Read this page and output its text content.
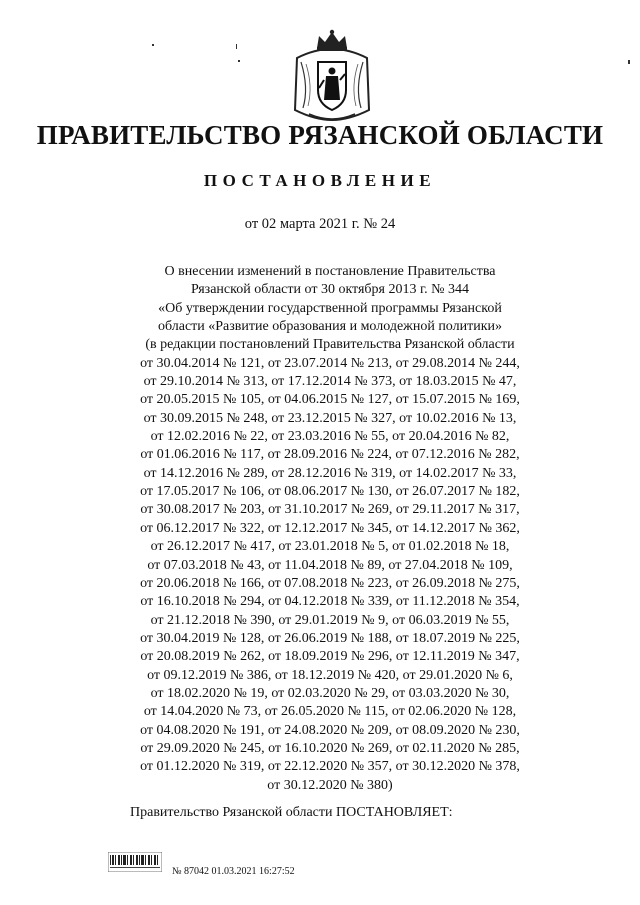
ПРАВИТЕЛЬСТВО РЯЗАНСКОЙ ОБЛАСТИ
ПОСТАНОВЛЕНИЕ
от 02 марта 2021 г. № 24
О внесении изменений в постановление Правительства
Рязанской области от 30 октября 2013 г. № 344
«Об утверждении государственной программы Рязанской
области «Развитие образования и молодежной политики»
(в редакции постановлений Правительства Рязанской области
от 30.04.2014 № 121, от 23.07.2014 № 213, от 29.08.2014 № 244,
от 29.10.2014 № 313, от 17.12.2014 № 373, от 18.03.2015 № 47,
от 20.05.2015 № 105, от 04.06.2015 № 127, от 15.07.2015 № 169,
от 30.09.2015 № 248, от 23.12.2015 № 327, от 10.02.2016 № 13,
от 12.02.2016 № 22, от 23.03.2016 № 55, от 20.04.2016 № 82,
от 01.06.2016 № 117, от 28.09.2016 № 224, от 07.12.2016 № 282,
от 14.12.2016 № 289, от 28.12.2016 № 319, от 14.02.2017 № 33,
от 17.05.2017 № 106, от 08.06.2017 № 130, от 26.07.2017 № 182,
от 30.08.2017 № 203, от 31.10.2017 № 269, от 29.11.2017 № 317,
от 06.12.2017 № 322, от 12.12.2017 № 345, от 14.12.2017 № 362,
от 26.12.2017 № 417, от 23.01.2018 № 5, от 01.02.2018 № 18,
от 07.03.2018 № 43, от 11.04.2018 № 89, от 27.04.2018 № 109,
от 20.06.2018 № 166, от 07.08.2018 № 223, от 26.09.2018 № 275,
от 16.10.2018 № 294, от 04.12.2018 № 339, от 11.12.2018 № 354,
от 21.12.2018 № 390, от 29.01.2019 № 9, от 06.03.2019 № 55,
от 30.04.2019 № 128, от 26.06.2019 № 188, от 18.07.2019 № 225,
от 20.08.2019 № 262, от 18.09.2019 № 296, от 12.11.2019 № 347,
от 09.12.2019 № 386, от 18.12.2019 № 420, от 29.01.2020 № 6,
от 18.02.2020 № 19, от 02.03.2020 № 29, от 03.03.2020 № 30,
от 14.04.2020 № 73, от 26.05.2020 № 115, от 02.06.2020 № 128,
от 04.08.2020 № 191, от 24.08.2020 № 209, от 08.09.2020 № 230,
от 29.09.2020 № 245, от 16.10.2020 № 269, от 02.11.2020 № 285,
от 01.12.2020 № 319, от 22.12.2020 № 357, от 30.12.2020 № 378,
от 30.12.2020 № 380)
Правительство Рязанской области ПОСТАНОВЛЯЕТ:
№ 87042 01.03.2021 16:27:52
